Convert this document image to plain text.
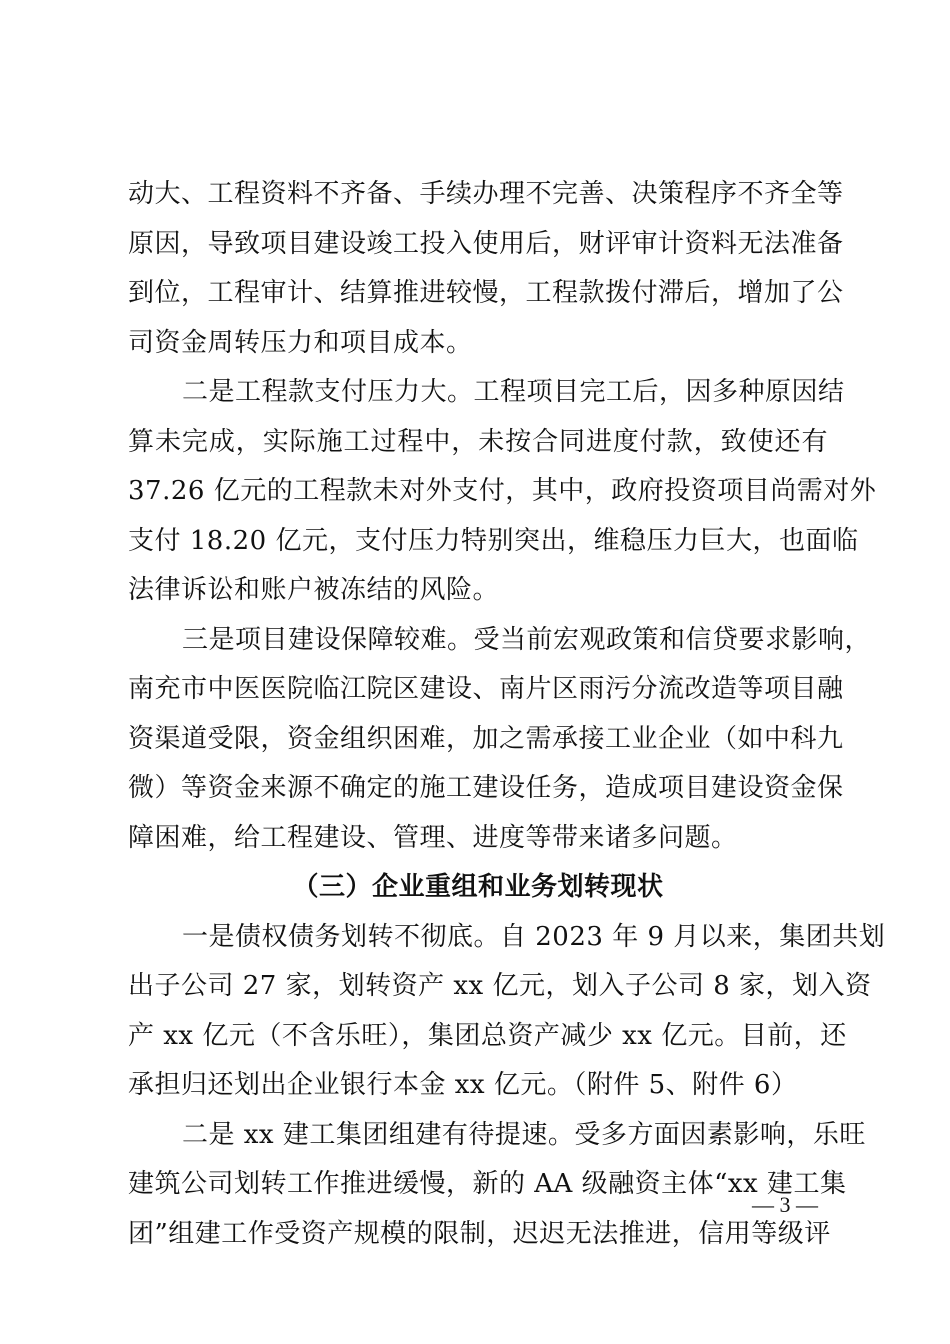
动大、工程资料不齐备、手续办理不完善、决策程序不齐全等
原因，导致项目建设竣工投入使用后，财评审计资料无法准备
到位，工程审计、结算推进较慢，工程款拨付滞后，增加了公
司资金周转压力和项目成本。
二是工程款支付压力大。工程项目完工后，因多种原因结
算未完成，实际施工过程中，未按合同进度付款，致使还有
37.26 亿元的工程款未对外支付，其中，政府投资项目尚需对外
支付 18.20 亿元，支付压力特别突出，维稳压力巨大，也面临
法律诉讼和账户被冻结的风险。
三是项目建设保障较难。受当前宏观政策和信贷要求影响，
南充市中医医院临江院区建设、南片区雨污分流改造等项目融
资渠道受限，资金组织困难，加之需承接工业企业（如中科九
微）等资金来源不确定的施工建设任务，造成项目建设资金保
障困难，给工程建设、管理、进度等带来诸多问题。
（三）企业重组和业务划转现状
一是债权债务划转不彻底。自 2023 年 9 月以来，集团共划
出子公司 27 家，划转资产 xx 亿元，划入子公司 8 家，划入资
产 xx 亿元（不含乐旺），集团总资产减少 xx 亿元。目前，还
承担归还划出企业银行本金 xx 亿元。（附件 5、附件 6）
二是 xx 建工集团组建有待提速。受多方面因素影响，乐旺
建筑公司划转工作推进缓慢，新的 AA 级融资主体“xx 建工集
团”组建工作受资产规模的限制，迟迟无法推进，信用等级评
— 3 —
